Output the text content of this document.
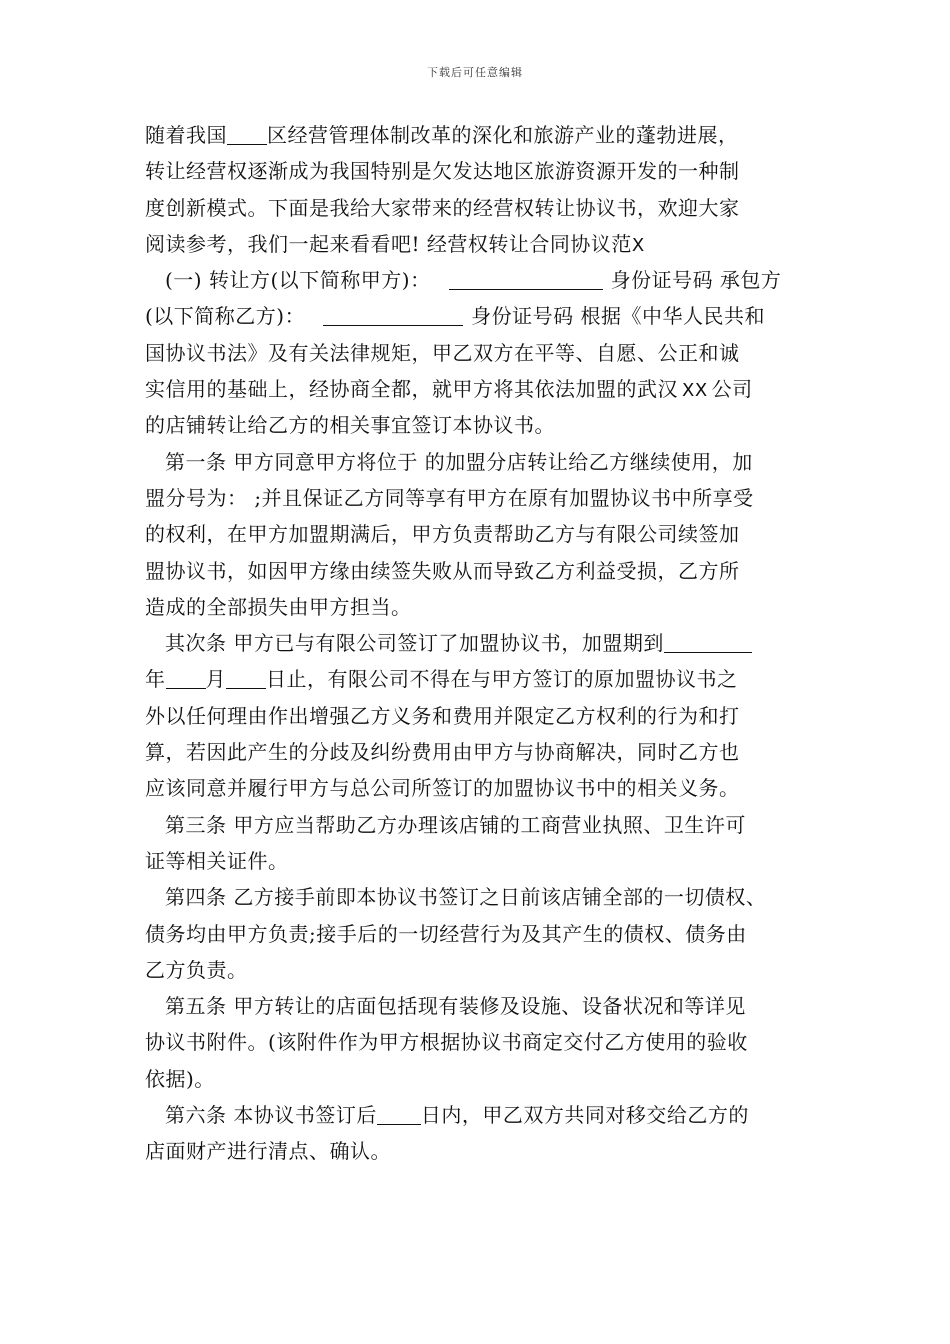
下载后可任意编辑
随着我国 区经营管理体制改革的深化和旅游产业的蓬勃进展，
转让经营权逐渐成为我国特别是欠发达地区旅游资源开发的一种制
度创新模式。下面是我给大家带来的经营权转让协议书，欢迎大家
阅读参考，我们一起来看看吧! 经营权转让合同协议范X
(一) 转让方(以下简称甲方)：	身份证号码 承包方
(以下简称乙方)：	身份证号码 根据《中华人民共和
国协议书法》及有关法律规矩，甲乙双方在平等、自愿、公正和诚
实信用的基础上，经协商全都，就甲方将其依法加盟的武汉 XX 公司
的店铺转让给乙方的相关事宜签订本协议书。
第一条 甲方同意甲方将位于 的加盟分店转让给乙方继续使用，加
盟分号为： ;并且保证乙方同等享有甲方在原有加盟协议书中所享受
的权利，在甲方加盟期满后，甲方负责帮助乙方与有限公司续签加
盟协议书，如因甲方缘由续签失败从而导致乙方利益受损，乙方所
造成的全部损失由甲方担当。
其次条 甲方已与有限公司签订了加盟协议书，加盟期到
年 月 日止，有限公司不得在与甲方签订的原加盟协议书之
外以任何理由作出增强乙方义务和费用并限定乙方权利的行为和打
算，若因此产生的分歧及纠纷费用由甲方与协商解决，同时乙方也
应该同意并履行甲方与总公司所签订的加盟协议书中的相关义务。
第三条 甲方应当帮助乙方办理该店铺的工商营业执照、卫生许可
证等相关证件。
第四条 乙方接手前即本协议书签订之日前该店铺全部的一切债权、
债务均由甲方负责;接手后的一切经营行为及其产生的债权、债务由
乙方负责。
第五条 甲方转让的店面包括现有装修及设施、设备状况和等详见
协议书附件。(该附件作为甲方根据协议书商定交付乙方使用的验收
依据)。
第六条 本协议书签订后 日内，甲乙双方共同对移交给乙方的
店面财产进行清点、确认。
